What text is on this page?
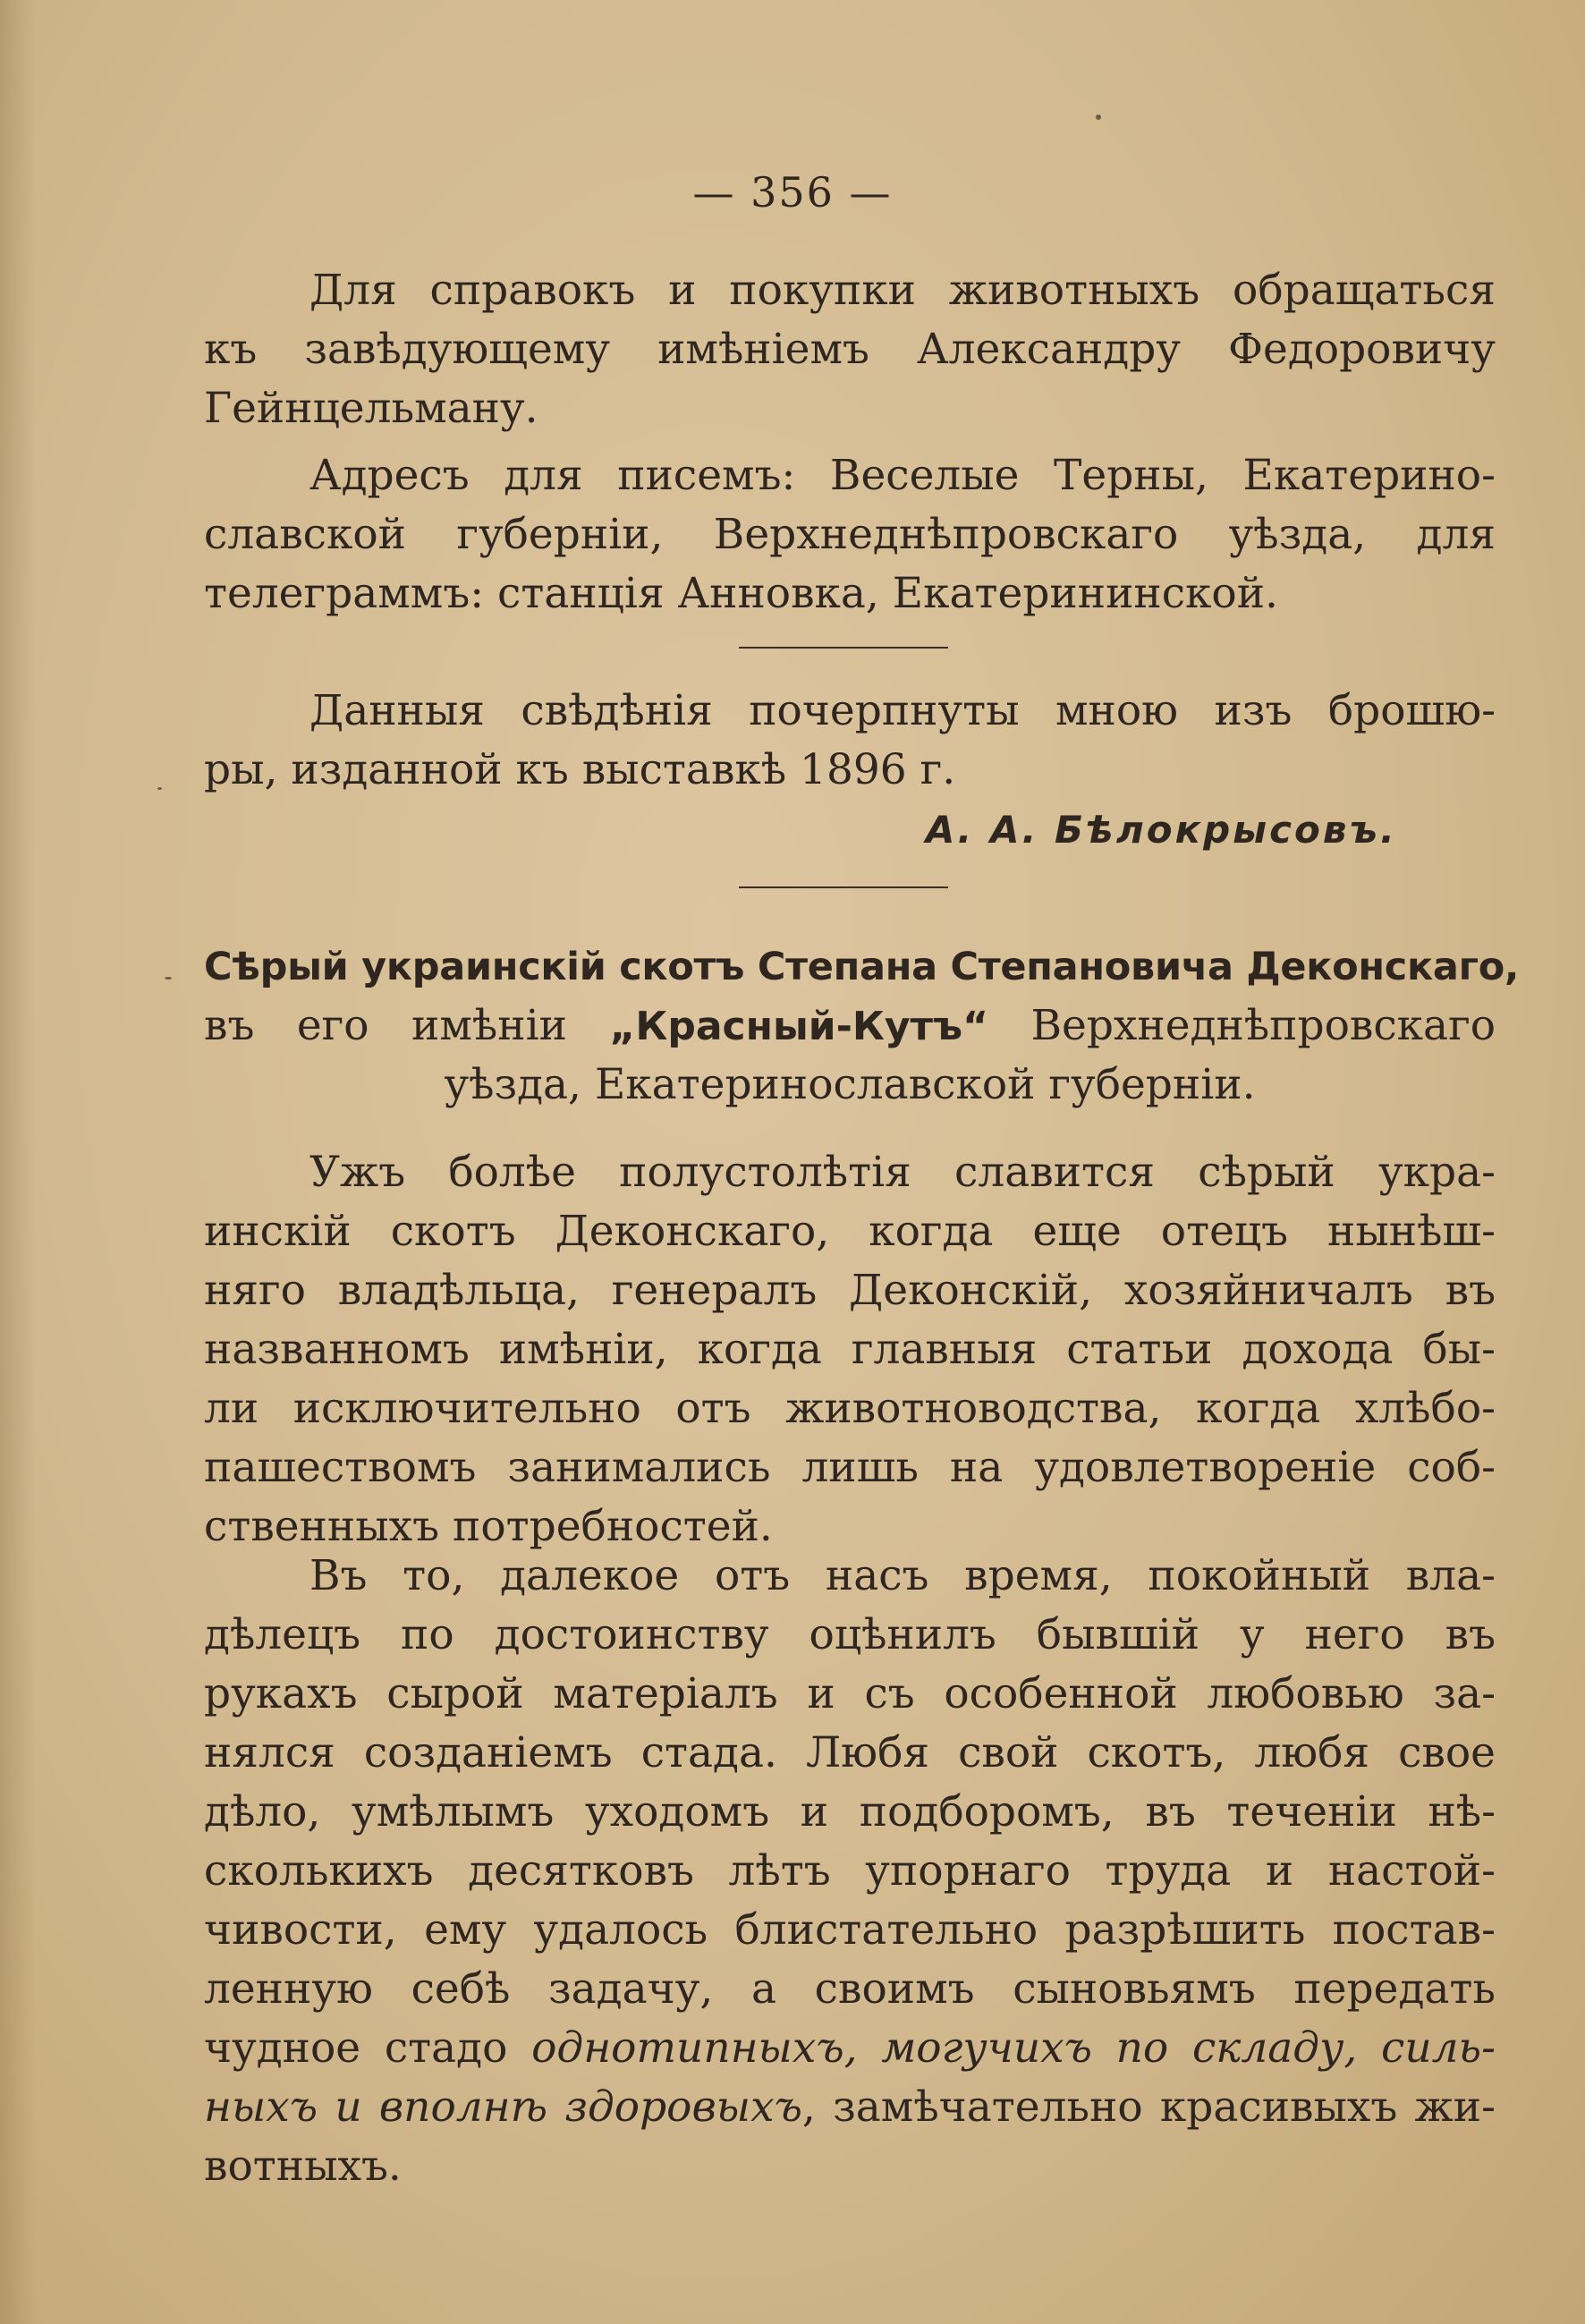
— 356 —
Для справокъ и покупки животныхъ обращаться
къ завѣдующему имѣніемъ Александру Федоровичу
Гейнцельману.
Адресъ для писемъ: Веселые Терны, Екатерино-
славской губерніи, Верхнеднѣпровскаго уѣзда, для
телеграммъ: станція Анновка, Екатерининской.
Данныя свѣдѣнія почерпнуты мною изъ брошю-
ры, изданной къ выставкѣ 1896 г.
А. А. Бѣлокрысовъ.
Сѣрый украинскій скотъ Степана Степановича Деконскаго,
въ его имѣніи „Красный-Кутъ“ Верхнеднѣпровскаго
уѣзда, Екатеринославской губерніи.
Ужъ болѣе полустолѣтія славится сѣрый укра-
инскій скотъ Деконскаго, когда еще отецъ нынѣш-
няго владѣльца, генералъ Деконскій, хозяйничалъ въ
названномъ имѣніи, когда главныя статьи дохода бы-
ли исключительно отъ животноводства, когда хлѣбо-
пашествомъ занимались лишь на удовлетвореніе соб-
ственныхъ потребностей.
Въ то, далекое отъ насъ время, покойный вла-
дѣлецъ по достоинству оцѣнилъ бывшій у него въ
рукахъ сырой матеріалъ и съ особенной любовью за-
нялся созданіемъ стада. Любя свой скотъ, любя свое
дѣло, умѣлымъ уходомъ и подборомъ, въ теченіи нѣ-
сколькихъ десятковъ лѣтъ упорнаго труда и настой-
чивости, ему удалось блистательно разрѣшить постав-
ленную себѣ задачу, а своимъ сыновьямъ передать
чудное стадо однотипныхъ, могучихъ по складу, силь-
ныхъ и вполнѣ здоровыхъ, замѣчательно красивыхъ жи-
вотныхъ.
